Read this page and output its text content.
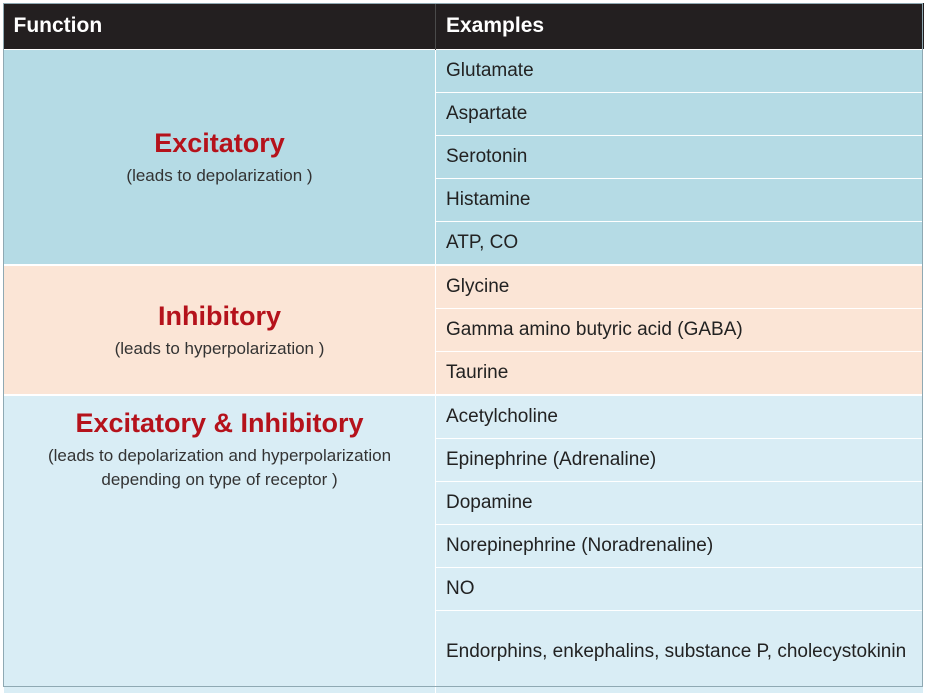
Function	Examples

Excitatory
(leads to depolarization )	Glutamate
	Aspartate
	Serotonin
	Histamine
	ATP, CO

Inhibitory
(leads to hyperpolarization )	Glycine
	Gamma amino butyric acid (GABA)
	Taurine

Excitatory & Inhibitory
(leads to depolarization and hyperpolarization depending on type of receptor )	Acetylcholine
	Epinephrine (Adrenaline)
	Dopamine
	Norepinephrine (Noradrenaline)
	NO
	Endorphins, enkephalins, substance P, cholecystokinin
